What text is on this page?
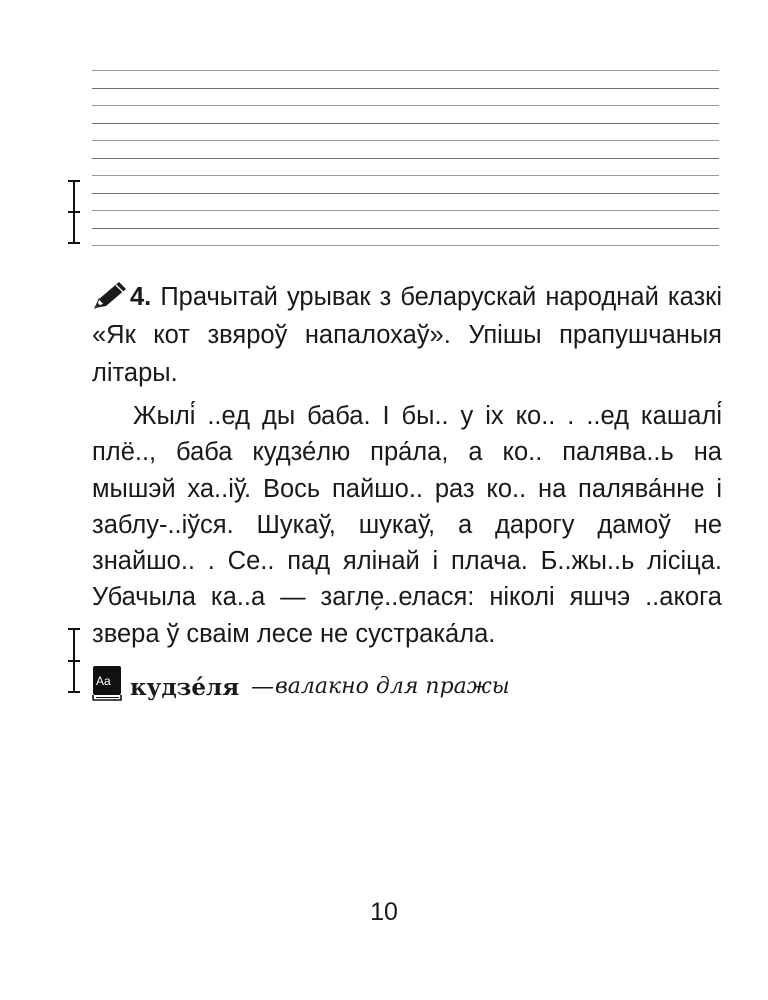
4. Прачытай урывак з беларускай народнай казкі «Як кот звяроў напалохаў». Упішы прапушчаныя літары.

Жылі́ ..ед ды баба. І бы.. у іх ко.. . ..ед кашалі́ плё.., баба кудзе́лю пра́ла, а ко.. палява..ь на мышэй ха..іў. Вось пайшо.. раз ко.. на палява́нне і заблу-..іўся. Шукаў, шукаў, а дарогу дамоў не знайшо.. . Се.. пад ялінай і плача. Б..жы..ь лісіца. Убачыла ка..а — заглe̗..елася: ніколі яшчэ ..акога звера ў сваім лесе не сустрака́ла.

Aa кудзе́ля — валакно для пражы
10
